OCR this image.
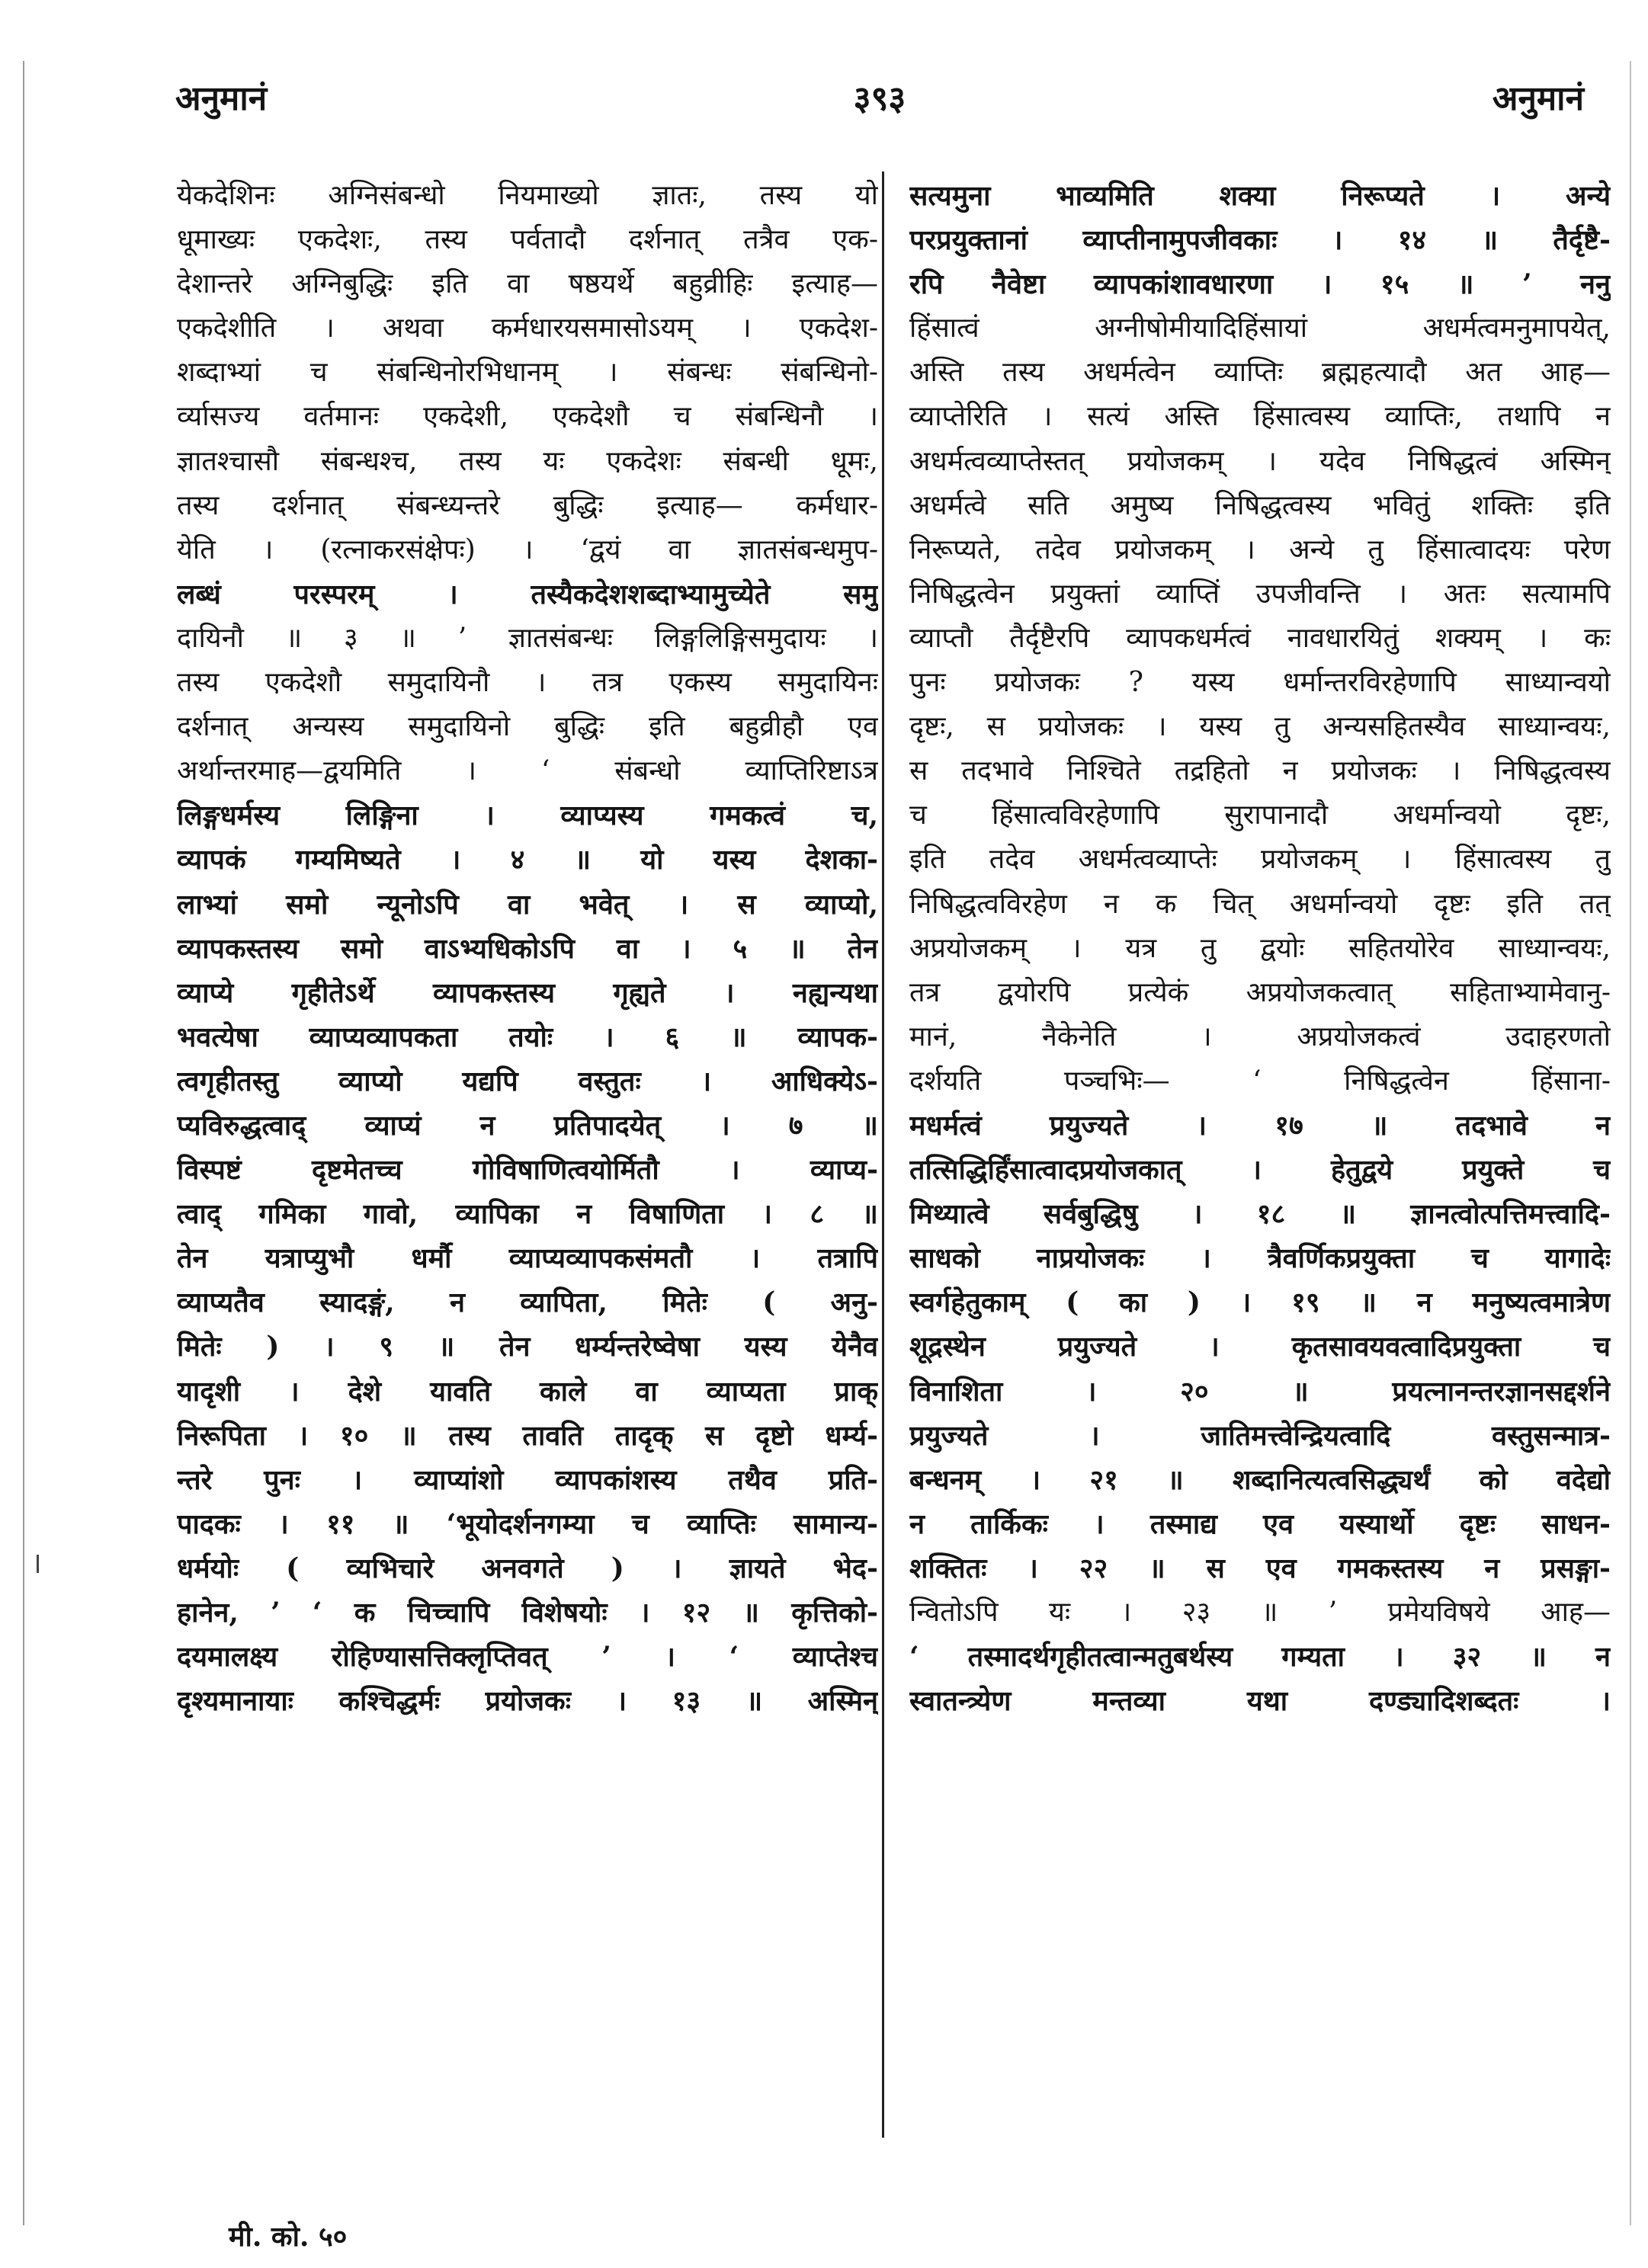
अनुमानं	३९३	अनुमानं
येकदेशिनः अग्निसंबन्धो नियमाख्यो ज्ञातः, तस्य यो
धूमाख्यः एकदेशः, तस्य पर्वतादौ दर्शनात् तत्रैव एक-
देशान्तरे अग्निबुद्धिः इति वा षष्ठयर्थे बहुव्रीहिः इत्याह—
एकदेशीति । अथवा कर्मधारयसमासोऽयम् । एकदेश-
शब्दाभ्यां च संबन्धिनोरभिधानम् । संबन्धः संबन्धिनो-
र्व्यासज्य वर्तमानः एकदेशी, एकदेशौ च संबन्धिनौ ।
ज्ञातश्चासौ संबन्धश्च, तस्य यः एकदेशः संबन्धी धूमः,
तस्य दर्शनात् संबन्ध्यन्तरे बुद्धिः इत्याह— कर्मधार-
येति । (रत्नाकरसंक्षेपः) । ‘द्वयं वा ज्ञातसंबन्धमुप-
लब्धं परस्परम् । तस्यैकदेशशब्दाभ्यामुच्येते समु
दायिनौ ॥ ३ ॥ ’ ज्ञातसंबन्धः लिङ्गलिङ्गिसमुदायः ।
तस्य एकदेशौ समुदायिनौ । तत्र एकस्य समुदायिनः
दर्शनात् अन्यस्य समुदायिनो बुद्धिः इति बहुव्रीहौ एव
अर्थान्तरमाह—द्वयमिति । ‘ संबन्धो व्याप्तिरिष्टाऽत्र
लिङ्गधर्मस्य लिङ्गिना । व्याप्यस्य गमकत्वं च,
व्यापकं गम्यमिष्यते । ४ ॥ यो यस्य देशका-
लाभ्यां समो न्यूनोऽपि वा भवेत् । स व्याप्यो,
व्यापकस्तस्य समो वाऽभ्यधिकोऽपि वा । ५ ॥ तेन
व्याप्ये गृहीतेऽर्थे व्यापकस्तस्य गृह्यते । नह्यन्यथा
भवत्येषा व्याप्यव्यापकता तयोः । ६ ॥ व्यापक-
त्वगृहीतस्तु व्याप्यो यद्यपि वस्तुतः । आधिक्येऽ-
प्यविरुद्धत्वाद् व्याप्यं न प्रतिपादयेत् । ७ ॥
विस्पष्टं दृष्टमेतच्च गोविषाणित्वयोर्मितौ । व्याप्य-
त्वाद् गमिका गावो, व्यापिका न विषाणिता । ८ ॥
तेन यत्राप्युभौ धर्मौ व्याप्यव्यापकसंमतौ । तत्रापि
व्याप्यतैव स्यादङ्गं, न व्यापिता, मितेः ( अनु-
मितेः ) । ९ ॥ तेन धर्म्यन्तरेष्वेषा यस्य येनैव
यादृशी । देशे यावति काले वा व्याप्यता प्राक्
निरूपिता । १० ॥ तस्य तावति तादृक् स दृष्टो धर्म्य-
न्तरे पुनः । व्याप्यांशो व्यापकांशस्य तथैव प्रति-
पादकः । ११ ॥ ‘भूयोदर्शनगम्या च व्याप्तिः सामान्य-
धर्मयोः ( व्यभिचारे अनवगते ) । ज्ञायते भेद-
हानेन, ’ ‘ क चिच्चापि विशेषयोः । १२ ॥ कृत्तिको-
दयमालक्ष्य रोहिण्यासत्तिक्लृप्तिवत् ’ । ‘ व्याप्तेश्च
दृश्यमानायाः कश्चिद्धर्मः प्रयोजकः । १३ ॥ अस्मिन्
सत्यमुना भाव्यमिति शक्या निरूप्यते । अन्ये
परप्रयुक्तानां व्याप्तीनामुपजीवकाः । १४ ॥ तैर्दृष्टै-
रपि नैवेष्टा व्यापकांशावधारणा । १५ ॥ ’ ननु
हिंसात्वं अग्नीषोमीयादिहिंसायां अधर्मत्वमनुमापयेत्,
अस्ति तस्य अधर्मत्वेन व्याप्तिः ब्रह्महत्यादौ अत आह—
व्याप्तेरिति । सत्यं अस्ति हिंसात्वस्य व्याप्तिः, तथापि न
अधर्मत्वव्याप्तेस्तत् प्रयोजकम् । यदेव निषिद्धत्वं अस्मिन्
अधर्मत्वे सति अमुष्य निषिद्धत्वस्य भवितुं शक्तिः इति
निरूप्यते, तदेव प्रयोजकम् । अन्ये तु हिंसात्वादयः परेण
निषिद्धत्वेन प्रयुक्तां व्याप्तिं उपजीवन्ति । अतः सत्यामपि
व्याप्तौ तैर्दृष्टैरपि व्यापकधर्मत्वं नावधारयितुं शक्यम् । कः
पुनः प्रयोजकः ? यस्य धर्मान्तरविरहेणापि साध्यान्वयो
दृष्टः, स प्रयोजकः । यस्य तु अन्यसहितस्यैव साध्यान्वयः,
स तदभावे निश्चिते तद्रहितो न प्रयोजकः । निषिद्धत्वस्य
च हिंसात्वविरहेणापि सुरापानादौ अधर्मान्वयो दृष्टः,
इति तदेव अधर्मत्वव्याप्तेः प्रयोजकम् । हिंसात्वस्य तु
निषिद्धत्वविरहेण न क चित् अधर्मान्वयो दृष्टः इति तत्
अप्रयोजकम् । यत्र तु द्वयोः सहितयोरेव साध्यान्वयः,
तत्र द्वयोरपि प्रत्येकं अप्रयोजकत्वात् सहिताभ्यामेवानु-
मानं, नैकेनेति । अप्रयोजकत्वं उदाहरणतो
दर्शयति पञ्चभिः— ‘ निषिद्धत्वेन हिंसाना-
मधर्मत्वं प्रयुज्यते । १७ ॥ तदभावे न
तत्सिद्धिर्हिंसात्वादप्रयोजकात् । हेतुद्वये प्रयुक्ते च
मिथ्यात्वे सर्वबुद्धिषु । १८ ॥ ज्ञानत्वोत्पत्तिमत्त्वादि-
साधको नाप्रयोजकः । त्रैवर्णिकप्रयुक्ता च यागादेः
स्वर्गहेतुकाम् ( का ) । १९ ॥ न मनुष्यत्वमात्रेण
शूद्रस्थेन प्रयुज्यते । कृतसावयवत्वादिप्रयुक्ता च
विनाशिता । २० ॥ प्रयत्नानन्तरज्ञानसद्दर्शने
प्रयुज्यते । जातिमत्त्वेन्द्रियत्वादि वस्तुसन्मात्र-
बन्धनम् । २१ ॥ शब्दानित्यत्वसिद्ध्यर्थं को वदेद्यो
न तार्किकः । तस्माद्य एव यस्यार्थो दृष्टः साधन-
शक्तितः । २२ ॥ स एव गमकस्तस्य न प्रसङ्गा-
न्वितोऽपि यः । २३ ॥ ’ प्रमेयविषये आह—
‘ तस्मादर्थगृहीतत्वान्मतुबर्थस्य गम्यता । ३२ ॥ न
स्वातन्त्र्येण मन्तव्या यथा दण्ड्यादिशब्दतः ।
मी. को. ५०
